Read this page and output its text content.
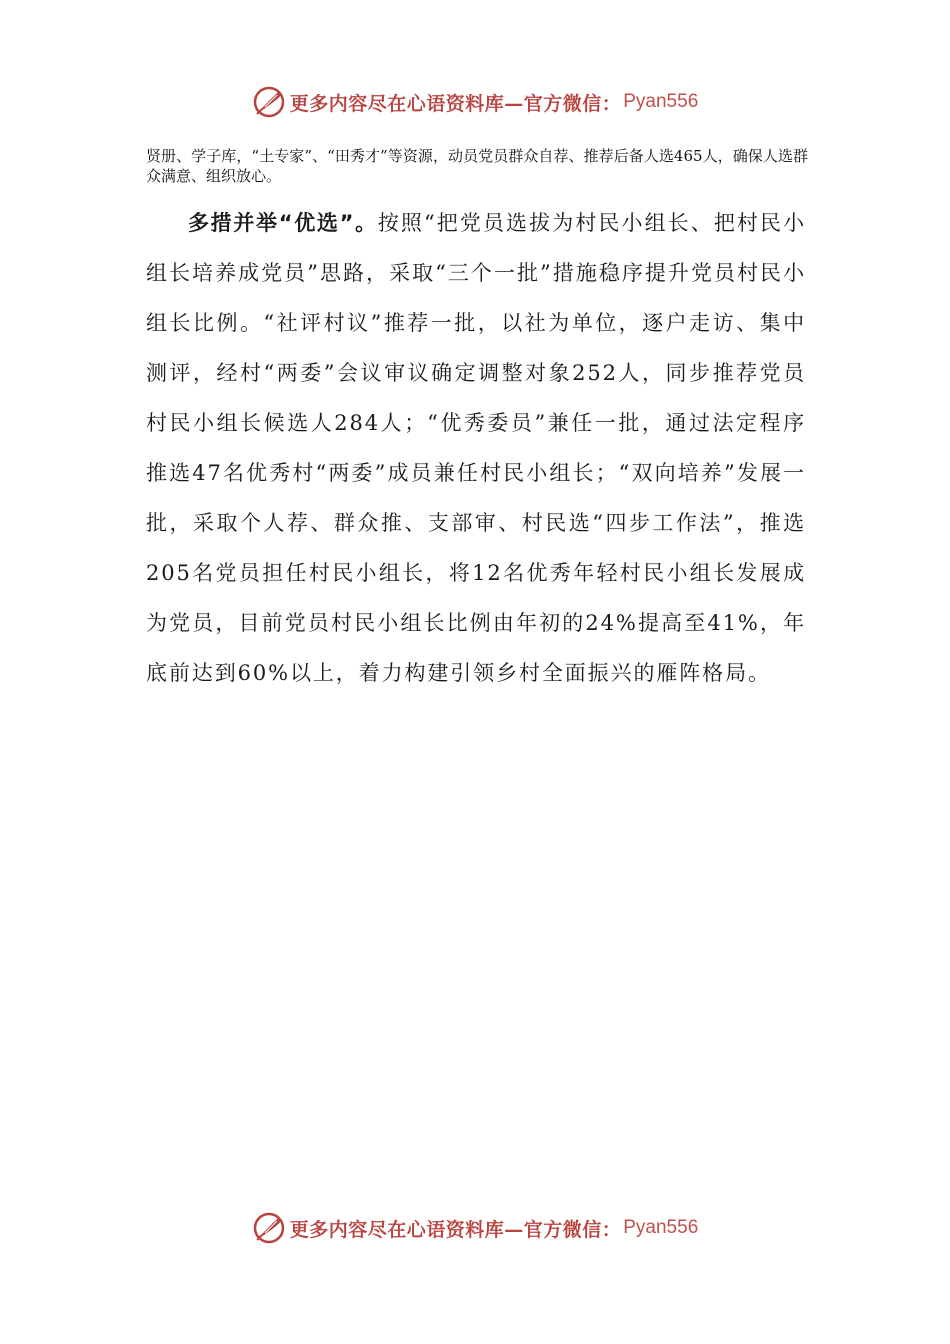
更多内容尽在心语资料库—官方微信： Pyan556
贤册、学子库，“土专家”、“田秀才”等资源，动员党员群众自荐、推荐后备人选465人，确保人选群众满意、组织放心。
多措并举“优选”。按照“把党员选拔为村民小组长、把村民小组长培养成党员”思路，采取“三个一批”措施稳序提升党员村民小组长比例。“社评村议”推荐一批，以社为单位，逐户走访、集中测评，经村“两委”会议审议确定调整对象252人，同步推荐党员村民小组长候选人284人；“优秀委员”兼任一批，通过法定程序推选47名优秀村“两委”成员兼任村民小组长；“双向培养”发展一批，采取个人荐、群众推、支部审、村民选“四步工作法”，推选205名党员担任村民小组长，将12名优秀年轻村民小组长发展成为党员，目前党员村民小组长比例由年初的24%提高至41%，年底前达到60%以上，着力构建引领乡村全面振兴的雁阵格局。
更多内容尽在心语资料库—官方微信： Pyan556
